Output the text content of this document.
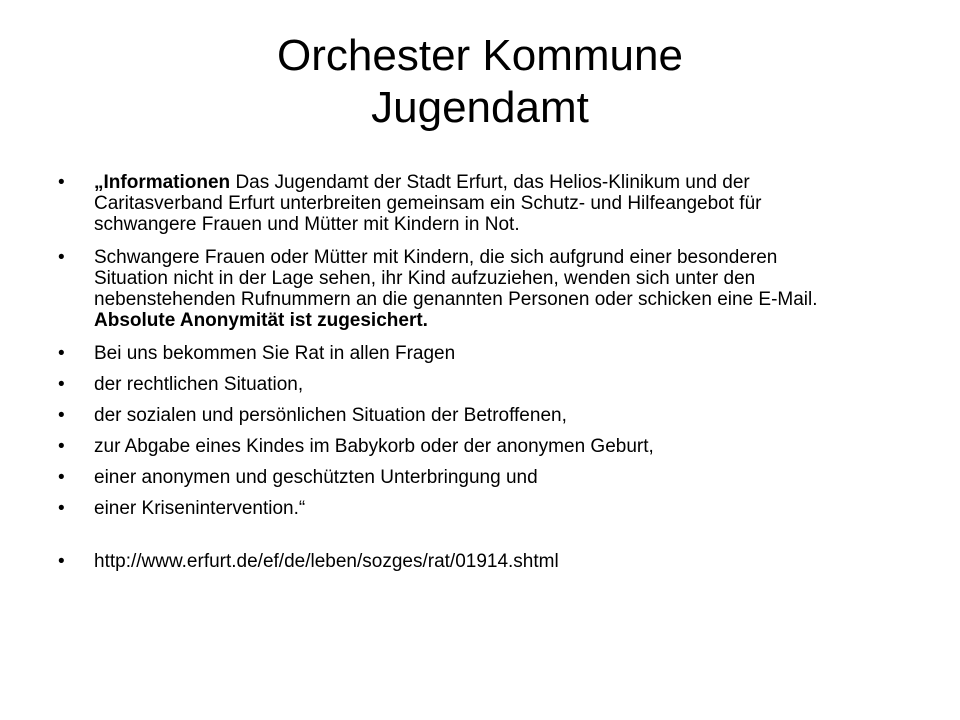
Orchester Kommune
Jugendamt
•	„Informationen Das Jugendamt der Stadt Erfurt, das Helios-Klinikum und der Caritasverband Erfurt unterbreiten gemeinsam ein Schutz- und Hilfeangebot für schwangere Frauen und Mütter mit Kindern in Not.
•	Schwangere Frauen oder Mütter mit Kindern, die sich aufgrund einer besonderen Situation nicht in der Lage sehen, ihr Kind aufzuziehen, wenden sich unter den nebenstehenden Rufnummern an die genannten Personen oder schicken eine E-Mail. Absolute Anonymität ist zugesichert.
•	Bei uns bekommen Sie Rat in allen Fragen
•	der rechtlichen Situation,
•	der sozialen und persönlichen Situation der Betroffenen,
•	zur Abgabe eines Kindes im Babykorb oder der anonymen Geburt,
•	einer anonymen und geschützten Unterbringung und
•	einer Krisenintervention.“
•	http://www.erfurt.de/ef/de/leben/sozges/rat/01914.shtml
